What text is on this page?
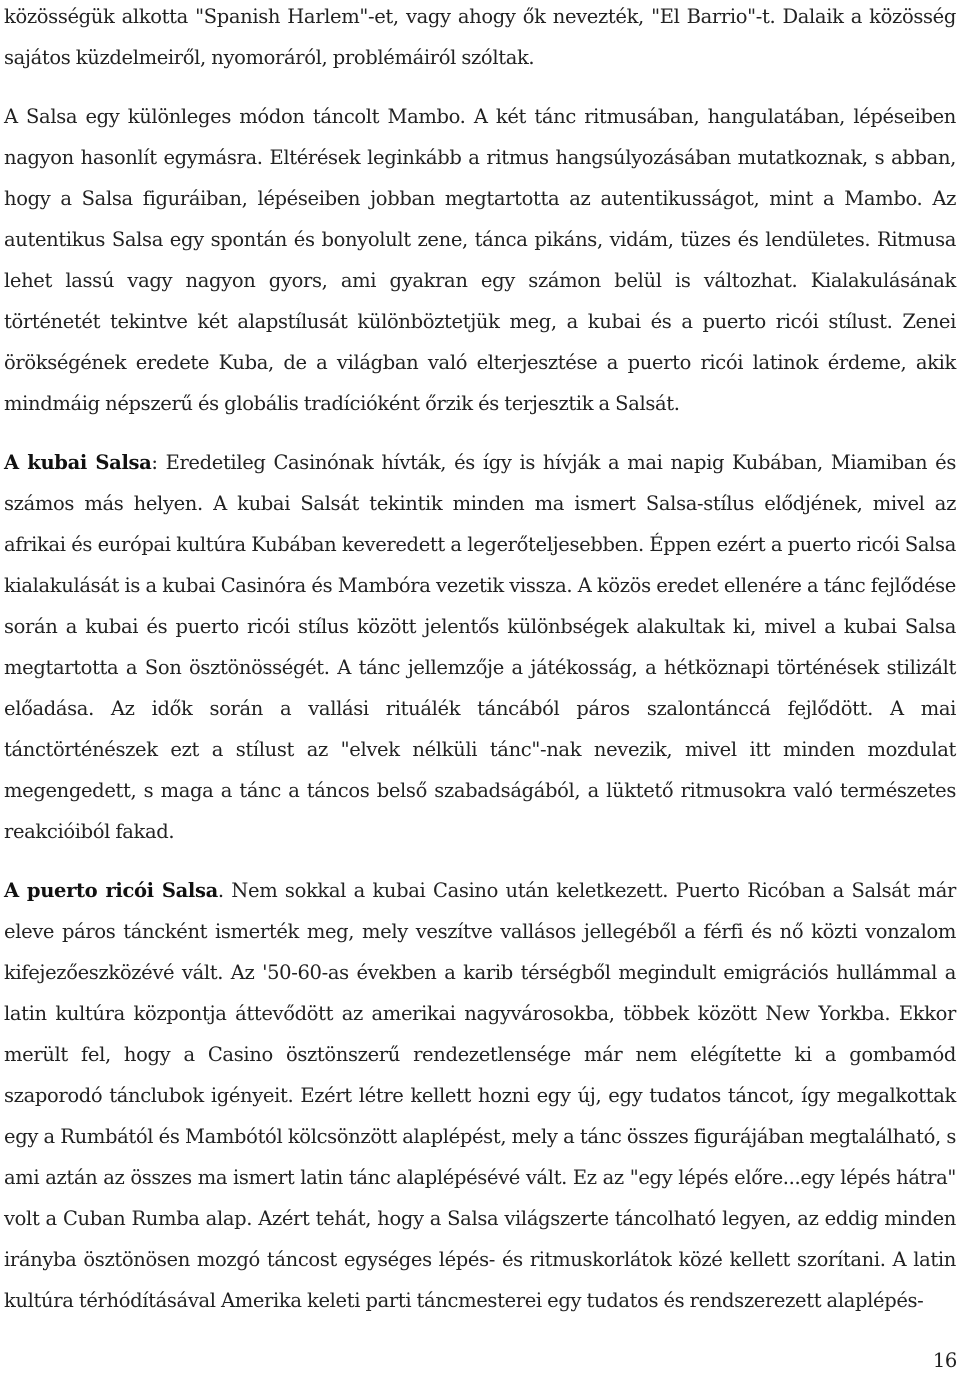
közösségük alkotta "Spanish Harlem"-et, vagy ahogy ők nevezték, "El Barrio"-t. Dalaik a közösség sajátos küzdelmeiről, nyomoráról, problémáiról szóltak.

A Salsa egy különleges módon táncolt Mambo. A két tánc ritmusában, hangulatában, lépéseiben nagyon hasonlít egymásra. Eltérések leginkább a ritmus hangsúlyozásában mutatkoznak, s abban, hogy a Salsa figuráiban, lépéseiben jobban megtartotta az autentikusságot, mint a Mambo. Az autentikus Salsa egy spontán és bonyolult zene, tánca pikáns, vidám, tüzes és lendületes. Ritmusa lehet lassú vagy nagyon gyors, ami gyakran egy számon belül is változhat. Kialakulásának történetét tekintve két alapstílusát különböztetjük meg, a kubai és a puerto ricói stílust. Zenei örökségének eredete Kuba, de a világban való elterjesztése a puerto ricói latinok érdeme, akik mindmáig népszerű és globális tradícióként őrzik és terjesztik a Salsát.

A kubai Salsa: Eredetileg Casinónak hívták, és így is hívják a mai napig Kubában, Miamiban és számos más helyen. A kubai Salsát tekintik minden ma ismert Salsa-stílus elődjének, mivel az afrikai és európai kultúra Kubában keveredett a legerőteljesebben. Éppen ezért a puerto ricói Salsa kialakulását is a kubai Casinóra és Mambóra vezetik vissza. A közös eredet ellenére a tánc fejlődése során a kubai és puerto ricói stílus között jelentős különbségek alakultak ki, mivel a kubai Salsa megtartotta a Son ösztönösségét. A tánc jellemzője a játékosság, a hétköznapi történések stilizált előadása. Az idők során a vallási rituálék táncából páros szalontánccá fejlődött. A mai tánctörténészek ezt a stílust az "elvek nélküli tánc"-nak nevezik, mivel itt minden mozdulat megengedett, s maga a tánc a táncos belső szabadságából, a lüktető ritmusokra való természetes reakcióiból fakad.

A puerto ricói Salsa. Nem sokkal a kubai Casino után keletkezett. Puerto Ricóban a Salsát már eleve páros táncként ismerték meg, mely veszítve vallásos jellegéből a férfi és nő közti vonzalom kifejezőeszközévé vált. Az '50-60-as években a karib térségből megindult emigrációs hullámmal a latin kultúra központja áttevődött az amerikai nagyvárosokba, többek között New Yorkba. Ekkor merült fel, hogy a Casino ösztönszerű rendezetlensége már nem elégítette ki a gombamód szaporodó tánclubok igényeit. Ezért létre kellett hozni egy új, egy tudatos táncot, így megalkottak egy a Rumbától és Mambótól kölcsönzött alaplépést, mely a tánc összes figurájában megtalálható, s ami aztán az összes ma ismert latin tánc alaplépésévé vált. Ez az "egy lépés előre...egy lépés hátra" volt a Cuban Rumba alap. Azért tehát, hogy a Salsa világszerte táncolható legyen, az eddig minden irányba ösztönösen mozgó táncost egységes lépés- és ritmuskorlátok közé kellett szorítani. A latin kultúra térhódításával Amerika keleti parti táncmesterei egy tudatos és rendszerezett alaplépés-

16
